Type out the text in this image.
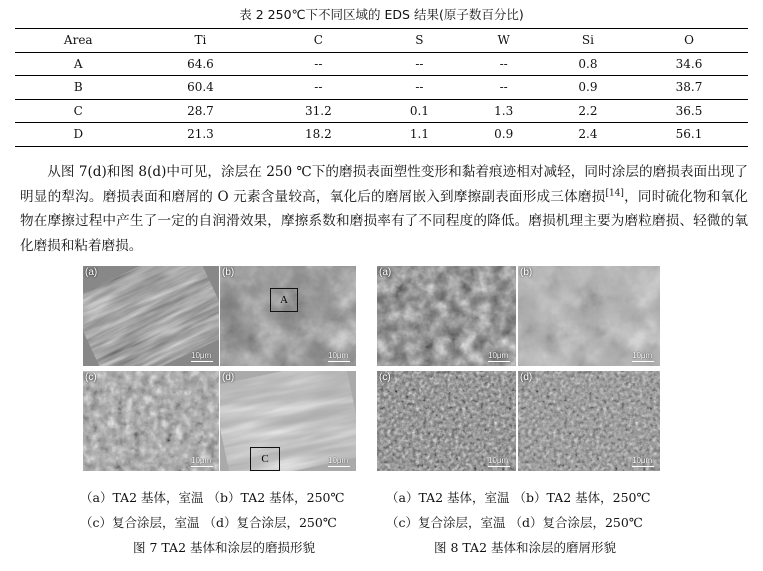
表 2 250℃下不同区域的 EDS 结果(原子数百分比)
Area	Ti	C	S	W	Si	O
A	64.6	--	--	--	0.8	34.6
B	60.4	--	--	--	0.9	38.7
C	28.7	31.2	0.1	1.3	2.2	36.5
D	21.3	18.2	1.1	0.9	2.4	56.1

从图 7(d)和图 8(d)中可见，涂层在 250 ℃下的磨损表面塑性变形和黏着痕迹相对减轻，同时涂层的磨损表面出现了明显的犁沟。磨损表面和磨屑的 O 元素含量较高，氧化后的磨屑嵌入到摩擦副表面形成三体磨损[14]，同时硫化物和氧化物在摩擦过程中产生了一定的自润滑效果，摩擦系数和磨损率有了不同程度的降低。磨损机理主要为磨粒磨损、轻微的氧化磨损和粘着磨损。

(a)
10μm
(b)
A
10μm
(c)
10μm
(d)
C	10μm
（a）TA2 基体，室温 （b）TA2 基体，250℃
（c）复合涂层，室温 （d）复合涂层，250℃
图 7 TA2 基体和涂层的磨损形貌
(a)
10μm
(b)
10μm
(c)
10μm
(d)
10μm
（a）TA2 基体，室温 （b）TA2 基体，250℃
（c）复合涂层，室温 （d）复合涂层，250℃
图 8 TA2 基体和涂层的磨屑形貌
